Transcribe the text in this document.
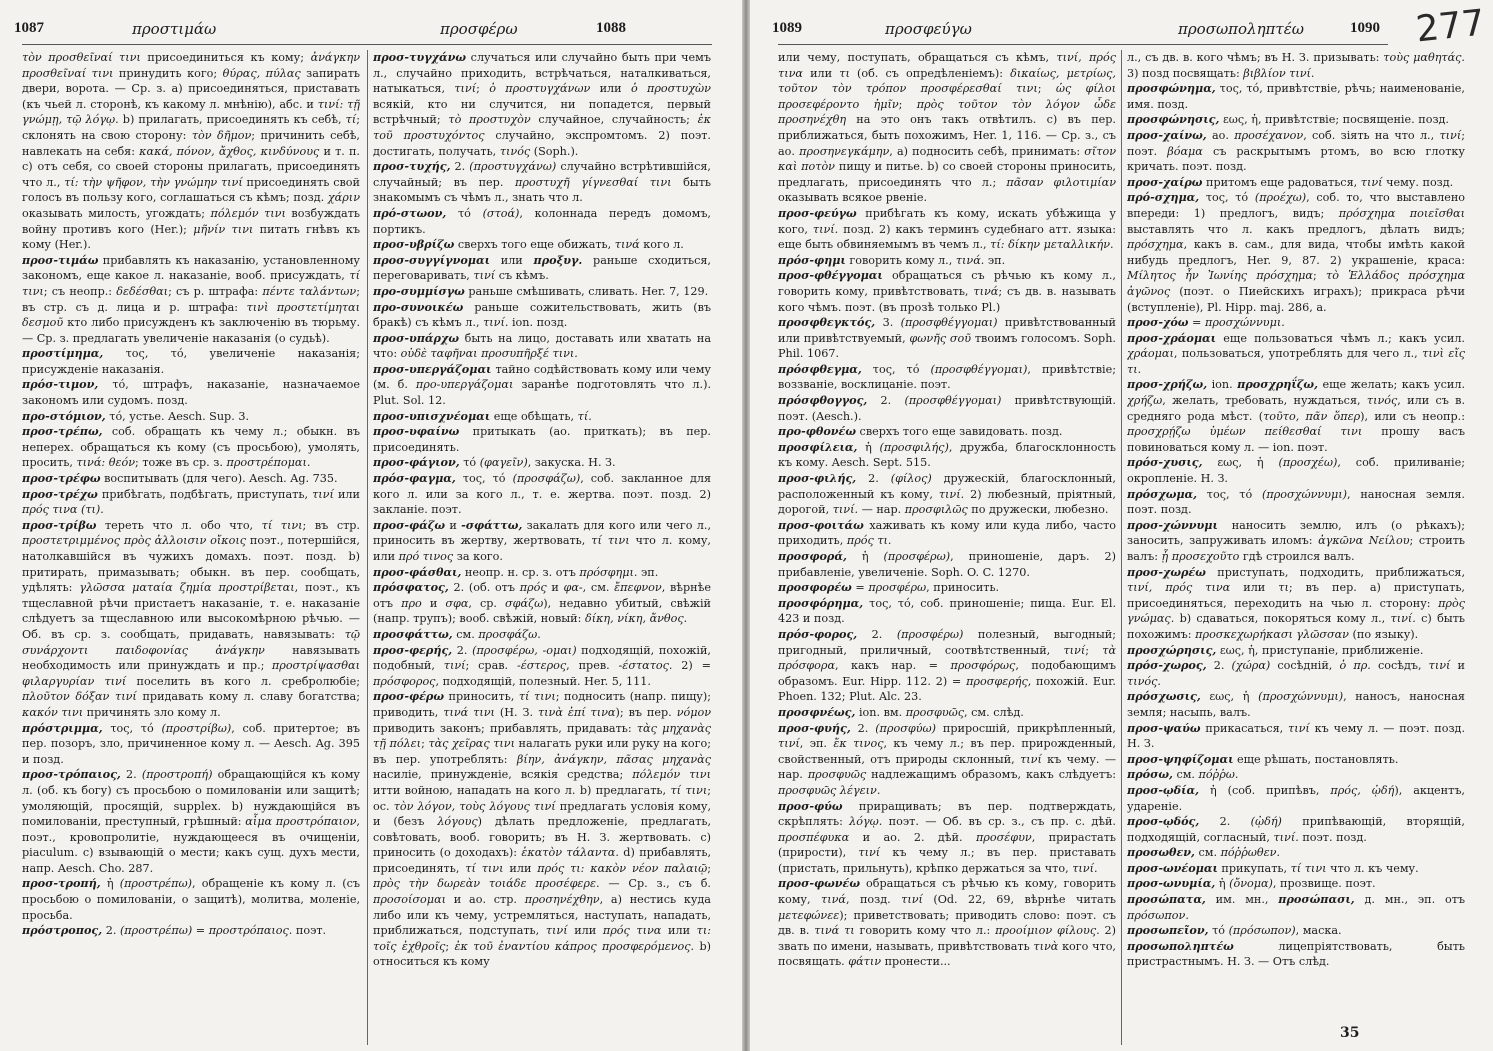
1087	προστιμάω	προσφέρω	1088

τὸν προσθεῖναί τινι присоединиться къ кому; ἀνάγκην προσθεῖναί τινι принудить кого; θύρας, πύλας запирать двери, ворота. — Ср. з. а) присоединяться, приставать (къ чьей л. сторонѣ, къ какому л. мнѣнію), абс. и τινί: τῇ γνώμῃ, τῷ λόγῳ. b) прилагать, присоединять къ себѣ, τί; склонять на свою сторону: τὸν δῆμον; причинить себѣ, навлекать на себя: κακά, πόνον, ἄχθος, κινδύνους и т. п. с) отъ себя, со своей стороны прилагать, присоединять что л., τί: τὴν ψῆφον, τὴν γνώμην τινί присоединять свой голосъ въ пользу кого, соглашаться съ кѣмъ; позд. χάριν оказывать милость, угождать; πόλεμόν τινι возбуждать войну противъ кого (Her.); μῆνίν τινι питать гнѣвъ къ кому (Her.).

προσ-τιμάω прибавлять къ наказанію, установленному закономъ, еще какое л. наказаніе, вооб. присуждать, τί τινι; съ неопр.: δεδέσθαι; съ р. штрафа: πέντε ταλάντων; въ стр. съ д. лица и р. штрафа: τινὶ προστετίμηται δεσμοῦ кто либо присужденъ къ заключенію въ тюрьму. — Ср. з. предлагать увеличеніе наказанія (о судьѣ).

προστίμημα, τος, τό, увеличеніе наказанія; присужденіе наказанія.

πρόσ-τιμον, τό, штрафъ, наказаніе, назначаемое закономъ или судомъ. позд.

προ-στόμιον, τό, устье. Aesch. Sup. 3.

προσ-τρέπω, соб. обращать къ чему л.; обыкн. въ неперех. обращаться къ кому (съ просьбою), умолять, просить, τινά: θεόν; тоже въ ср. з. προστρέπομαι.

προσ-τρέφω воспитывать (для чего). Aesch. Ag. 735.

προσ-τρέχω прибѣгать, подбѣгать, приступать, τινί или πρός τινα (τι).

προσ-τρίβω тереть что л. обо что, τί τινι; въ стр. προστετριμμένος πρὸς ἀλλοισιν οἴκοις поэт., потершійся, натолкавшійся въ чужихъ домахъ. поэт. позд. b) притирать, примазывать; обыкн. въ пер. сообщать, удѣлять: γλῶσσα ματαία ζημία προστρίβεται, поэт., къ тщеславной рѣчи пристаетъ наказаніе, т. е. наказаніе слѣдуетъ за тщеславною или высокомѣрною рѣчью. — Об. въ ср. з. сообщать, придавать, навязывать: τῷ συνάρχοντι παιδοφονίας ἀνάγκην навязывать необходимость или принуждать и пр.; προστρίψασθαι φιλαργυρίαν τινί поселить въ кого л. сребролюбіе; πλοῦτον δόξαν τινί придавать кому л. славу богатства; κακόν τινι причинять зло кому л.

πρόστριμμα, τος, τό (προστρίβω), соб. притертое; въ пер. позоръ, зло, причиненное кому л. — Aesch. Ag. 395 и позд.

προσ-τρόπαιος, 2. (προστροπή) обращающійся къ кому л. (об. къ богу) съ просьбою о помилованіи или защитѣ; умоляющій, просящій, supplex. b) нуждающійся въ помилованіи, преступный, грѣшный: αἷμα προστρόπαιον, поэт., кровопролитіе, нуждающееся въ очищеніи, piaculum. с) взывающій о мести; какъ сущ. духъ мести, напр. Aesch. Cho. 287.

προσ-τροπή, ἡ (προστρέπω), обращеніе къ кому л. (съ просьбою о помилованіи, о защитѣ), молитва, моленіе, просьба.

πρόστροπος, 2. (προστρέπω) = προστρόπαιος. поэт.

προσ-τυγχάνω случаться или случайно быть при чемъ л., случайно приходить, встрѣчаться, наталкиваться, натыкаться, τινί; ὁ προστυγχάνων или ὁ προστυχὼν всякій, кто ни случится, ни попадется, первый встрѣчный; τὸ προστυχὸν случайное, случайность; ἐκ τοῦ προστυχόντος случайно, экспромтомъ. 2) поэт. достигать, получать, τινός (Soph.).

προσ-τυχής, 2. (προστυγχάνω) случайно встрѣтившійся, случайный; въ пер. προστυχῆ γίγνεσθαί τινι быть знакомымъ съ чѣмъ л., знать что л.

πρό-στωον, τό (στοά), колоннада передъ домомъ, портикъ.

προσ-υβρίζω сверхъ того еще обижать, τινά кого л.

προσ-συγγίγνομαι или προξυγ. раньше сходиться, переговаривать, τινί съ кѣмъ.

προ-συμμίσγω раньше смѣшивать, сливать. Her. 7, 129.

προ-συνοικέω раньше сожительствовать, жить (въ бракѣ) съ кѣмъ л., τινί. ion. позд.

προσ-υπάρχω быть на лицо, доставать или хватать на что: οὐδὲ ταφῆναι προσυπῆρξέ τινι.

προσ-υπεργάζομαι тайно содѣйствовать кому или чему (м. б. προ-υπεργάζομαι заранѣе подготовлять что л.). Plut. Sol. 12.

προσ-υπισχνέομαι еще обѣщать, τί.

προσ-υφαίνω притыкать (ао. приткать); въ пер. присоединять.

προσ-φάγιον, τό (φαγεῖν), закуска. Н. З.

πρόσ-φαγμα, τος, τό (προσφάζω), соб. закланное для кого л. или за кого л., т. е. жертва. поэт. позд. 2) закланіе. поэт.

προσ-φάζω и -σφάττω, закалать для кого или чего л., приносить въ жертву, жертвовать, τί τινι что л. кому, или πρό τινος за кого.

προσ-φάσθαι, неопр. н. ср. з. отъ πρόσφημι. эп.

πρόσφατος, 2. (об. отъ πρός и φα-, см. ἔπεφνον, вѣрнѣе отъ προ и σφα, ср. σφάζω), недавно убитый, свѣжій (напр. трупъ); вооб. свѣжій, новый: δίκη, νίκη, ἄνθος.

προσφάττω, см. προσφάζω.

προσ-φερής, 2. (προσφέρω, -ομαι) подходящій, похожій, подобный, τινί; срав. -έστερος, прев. -έστατος. 2) = πρόσφορος, подходящій, полезный. Her. 5, 111.

προσ-φέρω приносить, τί τινι; подносить (напр. пищу); приводить, τινά τινι (Н. З. τινὰ ἐπί τινα); въ пер. νόμον приводить законъ; прибавлять, придавать: τὰς μηχανὰς τῇ πόλει; τὰς χεῖρας τινι налагать руки или руку на кого; въ пер. употреблять: βίην, ἀνάγκην, πᾶσας μηχανὰς насиліе, принужденіе, всякія средства; πόλεμόν τινι итти войною, нападать на кого л. b) предлагать, τί τινι; ос. τὸν λόγον, τοὺς λόγους τινί предлагать условія кому, и (безъ λόγους) дѣлать предложеніе, предлагать, совѣтовать, вооб. говорить; въ Н. З. жертвовать. с) приносить (о доходахъ): ἑκατὸν τάλαντα. d) прибавлять, присоединять, τί τινι или πρός τι: κακὸν νέον παλαιῷ; πρὸς τὴν δωρεὰν τοιάδε προσέφερε. — Ср. з., съ б. προσοίσομαι и ао. стр. προσηνέχθην, а) нестись куда либо или къ чему, устремляться, наступать, нападать, приближаться, подступать, τινί или πρός τινα или τι: τοῖς ἐχθροῖς; ἐκ τοῦ ἐναντίου κάπρος προσφερόμενος. b) относиться къ кому

1089	προσφεύγω	προσωποληπτέω	1090 277

или чему, поступать, обращаться съ кѣмъ, τινί, πρός τινα или τι (об. съ опредѣленіемъ): δικαίως, μετρίως, τοῦτον τὸν τρόπον προσφέρεσθαί τινι; ὡς φίλοι προσεφέροντο ἡμῖν; πρὸς τοῦτον τὸν λόγον ὧδε προσηνέχθη на это онъ такъ отвѣтилъ. с) въ пер. приближаться, быть похожимъ, Her. 1, 116. — Ср. з., съ ао. προσηνεγκάμην, а) подносить себѣ, принимать: σῖτον καὶ ποτὸν пищу и питье. b) со своей стороны приносить, предлагать, присоединять что л.; πᾶσαν φιλοτιμίαν оказывать всякое рвеніе.

προσ-φεύγω прибѣгать къ кому, искать убѣжища у кого, τινί. позд. 2) какъ терминъ судебнаго атт. языка: еще быть обвиняемымъ въ чемъ л., τί: δίκην μεταλλικήν.

πρόσ-φημι говорить кому л., τινά. эп.

προσ-φθέγγομαι обращаться съ рѣчью къ кому л., говорить кому, привѣтствовать, τινά; съ дв. в. называть кого чѣмъ. поэт. (въ прозѣ только Pl.)

προσφθεγκτός, 3. (προσφθέγγομαι) привѣтствованный или привѣтствуемый, φωνῆς σοῦ твоимъ голосомъ. Soph. Phil. 1067.

πρόσφθεγμα, τος, τό (προσφθέγγομαι), привѣтствіе; воззваніе, восклицаніе. поэт.

πρόσφθογγος, 2. (προσφθέγγομαι) привѣтствующій. поэт. (Aesch.).

προ-φθονέω сверхъ того еще завидовать. позд.

προσφίλεια, ἡ (προσφιλής), дружба, благосклонность къ кому. Aesch. Sept. 515.

προσ-φιλής, 2. (φίλος) дружескій, благосклонный, расположенный къ кому, τινί. 2) любезный, пріятный, дорогой, τινί. — нар. προσφιλῶς по дружески, любезно.

προσ-φοιτάω хаживать къ кому или куда либо, часто приходить, πρός τι.

προσφορά, ἡ (προσφέρω), приношеніе, даръ. 2) прибавленіе, увеличеніе. Soph. O. C. 1270.

προσφορέω = προσφέρω, приносить.

προσφόρημα, τος, τό, соб. приношеніе; пища. Eur. El. 423 и позд.

πρόσ-φορος, 2. (προσφέρω) полезный, выгодный; пригодный, приличный, соотвѣтственный, τινί; τὰ πρόσφορα, какъ нар. = προσφόρως, подобающимъ образомъ. Eur. Hipp. 112. 2) = προσφερής, похожій. Eur. Phoen. 132; Plut. Alc. 23.

προσφνέως, ion. вм. προσφυῶς, см. слѣд.

προσ-φυής, 2. (προσφύω) приросшій, прикрѣпленный, τινί, эп. ἔκ τινος, къ чему л.; въ пер. прирожденный, свойственный, отъ природы склонный, τινί къ чему. — нар. προσφυῶς надлежащимъ образомъ, какъ слѣдуетъ: προσφυῶς λέγειν.

προσ-φύω приращивать; въ пер. подтверждать, скрѣплять: λόγῳ. поэт. — Об. въ ср. з., съ пр. с. дѣй. προσπέφυκα и ао. 2. дѣй. προσέφυν, прирастать (прирости), τινί къ чему л.; въ пер. приставать (пристать, прильнуть), крѣпко держаться за что, τινί.

προσ-φωνέω обращаться съ рѣчью къ кому, говорить кому, τινά, позд. τινί (Od. 22, 69, вѣрнѣе читать μετεφώνεε); приветствовать; приводить слово: поэт. съ дв. в. τινά τι говорить кому что л.: προοίμιον φίλους. 2) звать по имени, называть, привѣтствовать τινὰ кого что, посвящать. φάτιν пронести...

л., съ дв. в. кого чѣмъ; въ Н. З. призывать: τοὺς μαθητάς. 3) позд посвящать: βιβλίον τινί.

προσφώνημα, τος, τό, привѣтствіе, рѣчь; наименованіе, имя. позд.

προσφώνησις, εως, ἡ, привѣтствіе; посвященіе. позд.

προσ-χαίνω, ао. προσέχανον, соб. зіять на что л., τινί; поэт. βόαμα съ раскрытымъ ртомъ, во всю глотку кричать. поэт. позд.

προσ-χαίρω притомъ еще радоваться, τινί чему. позд.

πρό-σχημα, τος, τό (προέχω), соб. то, что выставлено впереди: 1) предлогъ, видъ; πρόσχημα ποιεῖσθαι выставлять что л. какъ предлогъ, дѣлать видъ; πρόσχημα, какъ в. сам., для вида, чтобы имѣть какой нибудь предлогъ, Her. 9, 87. 2) украшеніе, краса: Μίλητος ἦν Ἰωνίης πρόσχημα; τὸ Ἑλλάδος πρόσχημα ἀγῶνος (поэт. о Пиейскихъ играхъ); прикраса рѣчи (вступленіе), Pl. Hipp. maj. 286, а.

προσ-χόω = προσχώννυμι.

προσ-χράομαι еще пользоваться чѣмъ л.; какъ усил. χράομαι, пользоваться, употреблять для чего л., τινὶ εἴς τι.

προσ-χρήζω, ion. προσχρηΐζω, еще желать; какъ усил. χρήζω, желать, требовать, нуждаться, τινός, или съ в. средняго рода мѣст. (τοῦτο, πᾶν ὅπερ), или съ неопр.: προσχρῄζω ὑμέων πείθεσθαί τινι прошу васъ повиноваться кому л. — ion. поэт.

πρόσ-χυσις, εως, ἡ (προσχέω), соб. приливаніе; окропленіе. Н. З.

πρόσχωμα, τος, τό (προσχώννυμι), наносная земля. поэт. позд.

προσ-χώννυμι наносить землю, илъ (о рѣкахъ); заносить, запруживать иломъ: ἀγκῶνα Νείλου; строить валъ: ᾗ προσεχοῦτο гдѣ строился валъ.

προσ-χωρέω приступать, подходить, приближаться, τινί, πρός τινα или τι; въ пер. а) приступать, присоединяться, переходить на чью л. сторону: πρὸς γνώμας. b) сдаваться, покоряться кому л., τινί. с) быть похожимъ: προσκεχωρήκασι γλῶσσαν (по языку).

προσχώρησις, εως, ἡ, приступаніе, приближеніе.

πρόσ-χωρος, 2. (χώρα) сосѣдній, ὁ πρ. сосѣдъ, τινί и τινός.

πρόσχωσις, εως, ἡ (προσχώννυμι), наносъ, наносная земля; насыпь, валъ.

προσ-ψαύω прикасаться, τινί къ чему л. — поэт. позд. Н. З.

προσ-ψηφίζομαι еще рѣшать, постановлять.

πρόσω, см. πόῤῥω.

προσ-ῳδία, ἡ (соб. припѣвъ, πρός, ᾠδή), акцентъ, удареніе.

προσ-ῳδός, 2. (ᾠδή) припѣвающій, вторящій, подходящій, согласный, τινί. поэт. позд.

προσωθεν, см. πόῤῥωθεν.

προσ-ωνέομαι прикупать, τί τινι что л. къ чему.

προσ-ωνυμία, ἡ (ὄνομα), прозвище. поэт.

προσώπατα, им. мн., προσώπασι, д. мн., эп. отъ πρόσωπον.

προσωπεῖον, τό (πρόσωπον), маска.

προσωποληπτέω лицепріятствовать, быть пристрастнымъ. Н. З. — Отъ слѣд.

35
